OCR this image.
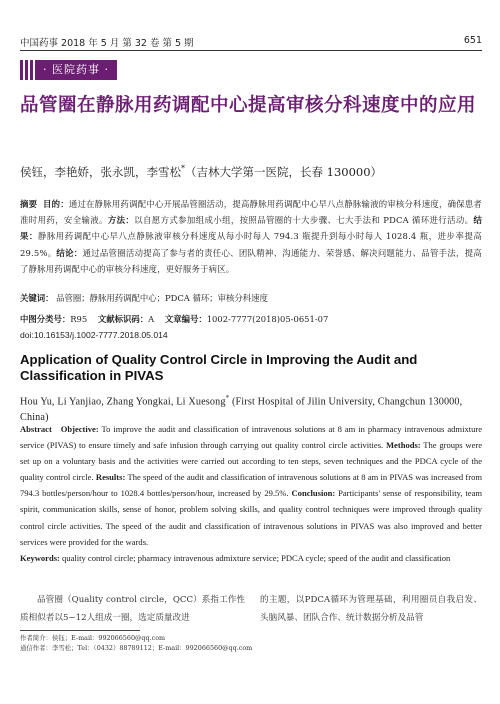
中国药事 2018 年 5 月 第 32 卷 第 5 期	651
· 医院药事 ·
品管圈在静脉用药调配中心提高审核分科速度中的应用
侯钰，李艳娇，张永凯，李雪松*（吉林大学第一医院，长春 130000）
摘要 目的：通过在静脉用药调配中心开展品管圈活动，提高静脉用药调配中心早八点静脉输液的审核分科速度，确保患者准时用药，安全输液。方法：以自愿方式参加组成小组，按照品管圈的十大步骤、七大手法和 PDCA 循环进行活动。结果：静脉用药调配中心早八点静脉液审核分科速度从每小时每人 794.3 瓶提升到每小时每人 1028.4 瓶，进步率提高 29.5%。结论：通过品管圈活动提高了参与者的责任心、团队精神、沟通能力、荣誉感、解决问题能力、品管手法，提高了静脉用药调配中心的审核分科速度，更好服务于病区。
关键词： 品管圈；静脉用药调配中心；PDCA 循环；审核分科速度
中图分类号：R95 文献标识码：A 文章编号：1002-7777(2018)05-0651-07
doi:10.16153/j.1002-7777.2018.05.014
Application of Quality Control Circle in Improving the Audit and Classification in PIVAS
Hou Yu, Li Yanjiao, Zhang Yongkai, Li Xuesong* (First Hospital of Jilin University, Changchun 130000, China)
Abstract Objective: To improve the audit and classification of intravenous solutions at 8 am in pharmacy intravenous admixture service (PIVAS) to ensure timely and safe infusion through carrying out quality control circle activities. Methods: The groups were set up on a voluntary basis and the activities were carried out according to ten steps, seven techniques and the PDCA cycle of the quality control circle. Results: The speed of the audit and classification of intravenous solutions at 8 am in PIVAS was increased from 794.3 bottles/person/hour to 1028.4 bottles/person/hour, increased by 29.5%. Conclusion: Participants' sense of responsibility, team spirit, communication skills, sense of honor, problem solving skills, and quality control techniques were improved through quality control circle activities. The speed of the audit and classification of intravenous solutions in PIVAS was also improved and better services were provided for the wards.
Keywords: quality control circle; pharmacy intravenous admixture service; PDCA cycle; speed of the audit and classification
品管圈（Quality control circle，QCC）系指工作性质相似者以5~12人组成一圈，选定质量改进
的主题，以PDCA循环为管理基础，利用圈员自我启发、头脑风暴、团队合作、统计数据分析及品管
作者简介：侯钰；E-mail：992066560@qq.com
通信作者：李雪松；Tel：（0432）88789112；E-mail：992066560@qq.com
